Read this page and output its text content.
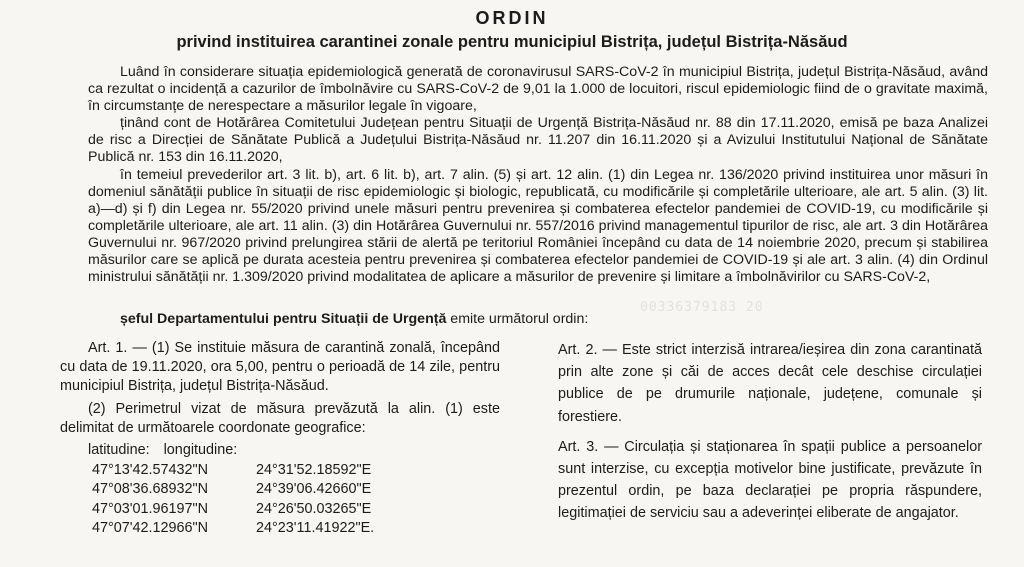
00336379183 20
ORDIN
privind instituirea carantinei zonale pentru municipiul Bistrița, județul Bistrița-Năsăud

Luând în considerare situația epidemiologică generată de coronavirusul SARS-CoV-2 în municipiul Bistrița, județul Bistrița-Năsăud, având ca rezultat o incidență a cazurilor de îmbolnăvire cu SARS-CoV-2 de 9,01 la 1.000 de locuitori, riscul epidemiologic fiind de o gravitate maximă, în circumstanțe de nerespectare a măsurilor legale în vigoare,

ținând cont de Hotărârea Comitetului Județean pentru Situații de Urgență Bistrița-Năsăud nr. 88 din 17.11.2020, emisă pe baza Analizei de risc a Direcției de Sănătate Publică a Județului Bistrița-Năsăud nr. 11.207 din 16.11.2020 și a Avizului Institutului Național de Sănătate Publică nr. 153 din 16.11.2020,

în temeiul prevederilor art. 3 lit. b), art. 6 lit. b), art. 7 alin. (5) și art. 12 alin. (1) din Legea nr. 136/2020 privind instituirea unor măsuri în domeniul sănătății publice în situații de risc epidemiologic și biologic, republicată, cu modificările și completările ulterioare, ale art. 5 alin. (3) lit. a)—d) și f) din Legea nr. 55/2020 privind unele măsuri pentru prevenirea și combaterea efectelor pandemiei de COVID-19, cu modificările și completările ulterioare, ale art. 11 alin. (3) din Hotărârea Guvernului nr. 557/2016 privind managementul tipurilor de risc, ale art. 3 din Hotărârea Guvernului nr. 967/2020 privind prelungirea stării de alertă pe teritoriul României începând cu data de 14 noiembrie 2020, precum și stabilirea măsurilor care se aplică pe durata acesteia pentru prevenirea și combaterea efectelor pandemiei de COVID-19 și ale art. 3 alin. (4) din Ordinul ministrului sănătății nr. 1.309/2020 privind modalitatea de aplicare a măsurilor de prevenire și limitare a îmbolnăvirilor cu SARS-CoV-2,

șeful Departamentului pentru Situații de Urgență emite următorul ordin:

Art. 1. — (1) Se instituie măsura de carantină zonală, începând cu data de 19.11.2020, ora 5,00, pentru o perioadă de 14 zile, pentru municipiul Bistrița, județul Bistrița-Năsăud.

(2) Perimetrul vizat de măsura prevăzută la alin. (1) este delimitat de următoarele coordonate geografice:

latitudine: longitudine:
47°13'42.57432"N	24°31'52.18592"E
47°08'36.68932"N	24°39'06.42660"E
47°03'01.96197"N	24°26'50.03265"E
47°07'42.12966"N	24°23'11.41922"E.

Art. 2. — Este strict interzisă intrarea/ieșirea din zona carantinată prin alte zone și căi de acces decât cele deschise circulației publice de pe drumurile naționale, județene, comunale și forestiere.

Art. 3. — Circulația și staționarea în spații publice a persoanelor sunt interzise, cu excepția motivelor bine justificate, prevăzute în prezentul ordin, pe baza declarației pe propria răspundere, legitimației de serviciu sau a adeverinței eliberate de angajator.
